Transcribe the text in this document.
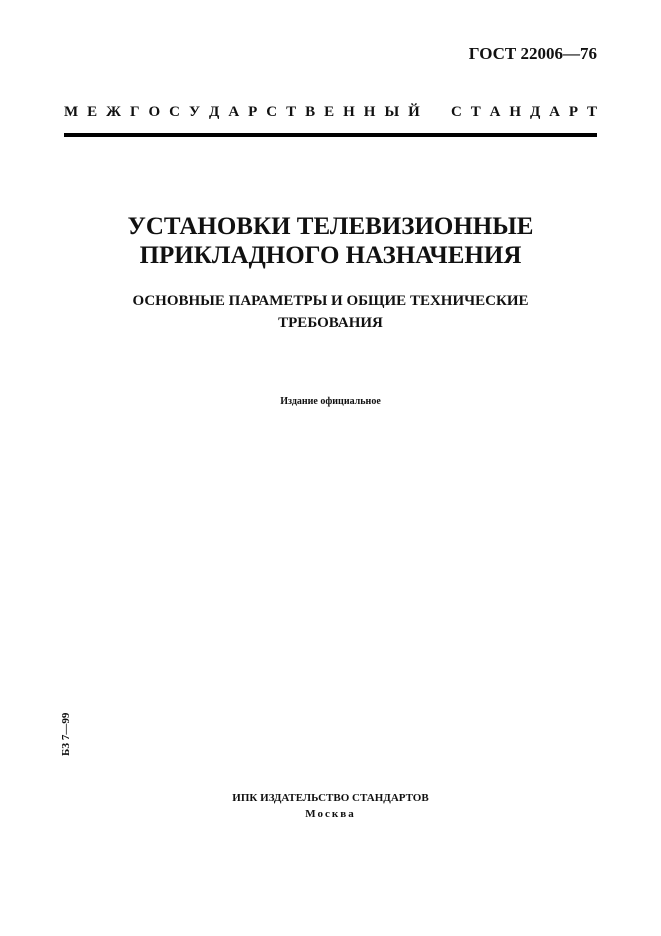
ГОСТ 22006—76
М Е Ж Г О С У Д А Р С Т В Е Н Н Ы Й С Т А Н Д А Р Т
УСТАНОВКИ ТЕЛЕВИЗИОННЫЕ
ПРИКЛАДНОГО НАЗНАЧЕНИЯ
ОСНОВНЫЕ ПАРАМЕТРЫ И ОБЩИЕ ТЕХНИЧЕСКИЕ
ТРЕБОВАНИЯ
Издание официальное
БЗ 7—99
ИПК ИЗДАТЕЛЬСТВО СТАНДАРТОВ
Москва
